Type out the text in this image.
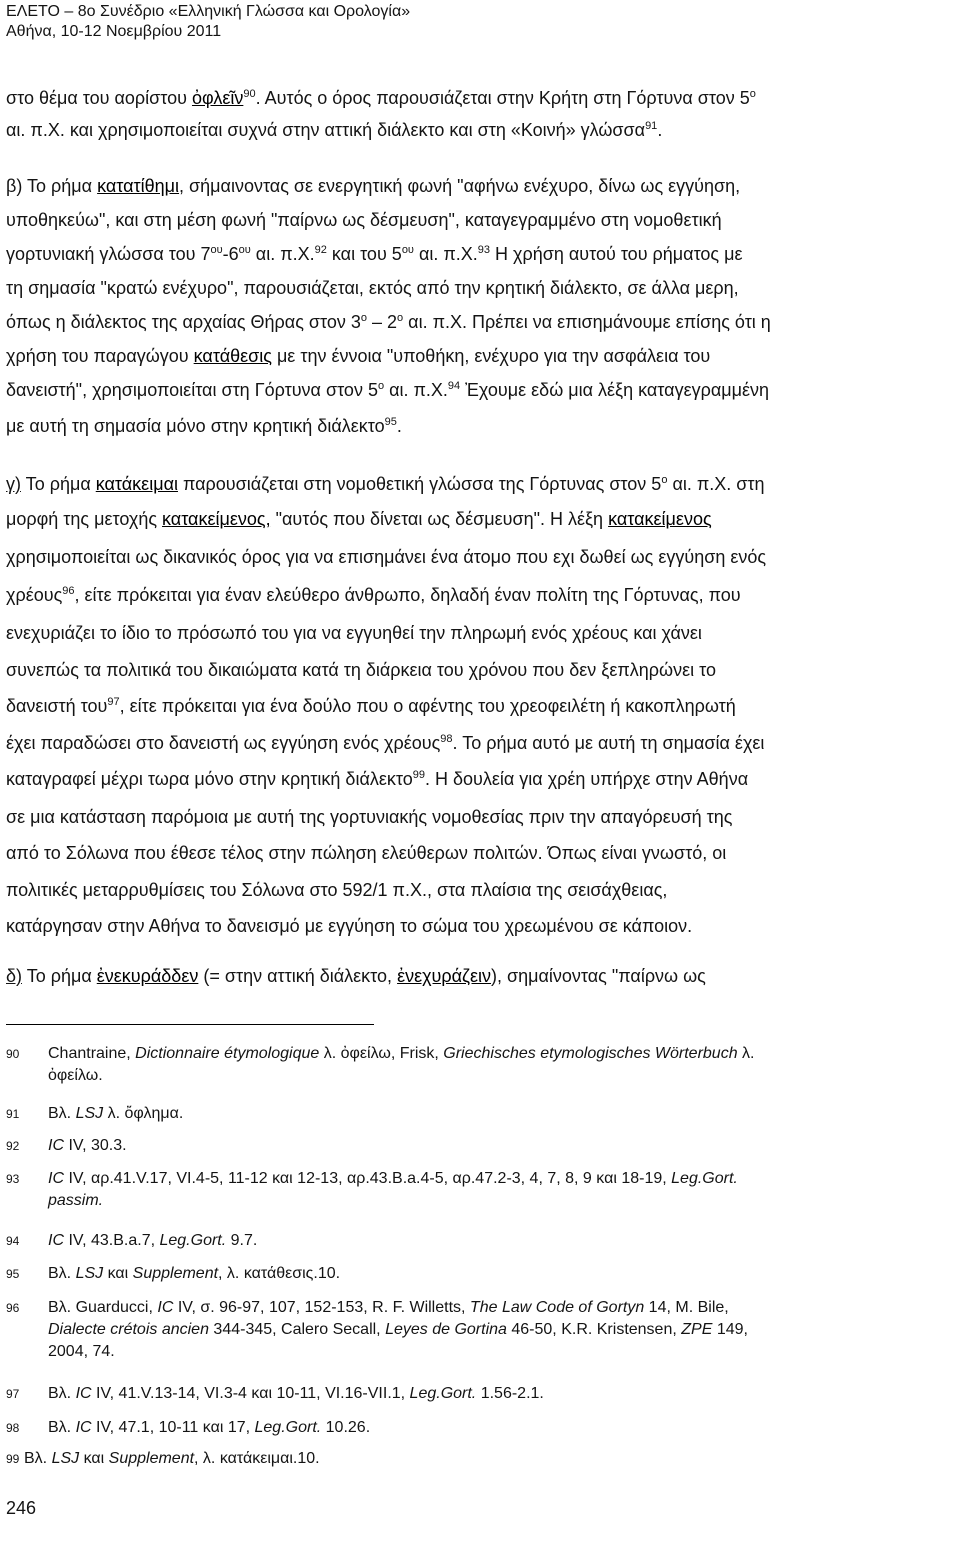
ΕΛΕΤΟ – 8ο Συνέδριο «Ελληνική Γλώσσα και Ορολογία»
Αθήνα, 10-12 Νοεμβρίου 2011
στο θέμα του αορίστου ὀφλεῖν$^{90}$. Αυτός ο όρος παρουσιάζεται στην Κρήτη στη Γόρτυνα στον $5^o$
αι. π.Χ. και χρησιμοποιείται συχνά στην αττική διάλεκτο και στη «Κοινή» γλώσσα$^{91}$.
β) Το ρήμα κατατίθημι, σήμαινοντας σε ενεργητική φωνή "αφήνω ενέχυρο, δίνω ως εγγύηση,
υποθηκεύω", και στη μέση φωνή "παίρνω ως δέσμευση", καταγεγραμμένο στη νομοθετική
γορτυνιακή γλώσσα του $7^{o\upsilon}-6^{o\upsilon}$ αι. π.Χ.$^{92}$ και του $5^{o\upsilon}$ αι. π.Χ.$^{93}$ Η χρήση αυτού του ρήματος με
τη σημασία "κρατώ ενέχυρο", παρουσιάζεται, εκτός από την κρητική διάλεκτο, σε άλλα μερη,
όπως η διάλεκτος της αρχαίας Θήρας στον $3^o - 2^o$ αι. π.Χ. Πρέπει να επισημάνουμε επίσης ότι η
χρήση του παραγώγου κατάθεσις με την έννοια "υποθήκη, ενέχυρο για την ασφάλεια του
δανειστή", χρησιμοποιείται στη Γόρτυνα στον $5^o$ αι. π.Χ.$^{94}$ Ἐχουμε εδώ μια λέξη καταγεγραμμένη
με αυτή τη σημασία μόνο στην κρητική διάλεκτο$^{95}$.
γ) Το ρήμα κατάκειμαι παρουσιάζεται στη νομοθετική γλώσσα της Γόρτυνας στον $5^o$ αι. π.Χ. στη
μορφή της μετοχής κατακείμενος, "αυτός που δίνεται ως δέσμευση". Η λέξη κατακείμενος
χρησιμοποιείται ως δικανικός όρος για να επισημάνει ένα άτομο που εχι δωθεί ως εγγύηση ενός
χρέους$^{96}$, είτε πρόκειται για έναν ελεύθερο άνθρωπο, δηλαδή έναν πολίτη της Γόρτυνας, που
ενεχυριάζει το ίδιο το πρόσωπό του για να εγγυηθεί την πληρωμή ενός χρέους και χάνει
συνεπώς τα πολιτικά του δικαιώματα κατά τη διάρκεια του χρόνου που δεν ξεπληρώνει το
δανειστή του$^{97}$, είτε πρόκειται για ένα δούλο που ο αφέντης του χρεοφειλέτη ή κακοπληρωτή
έχει παραδώσει στο δανειστή ως εγγύηση ενός χρέους$^{98}$. Το ρήμα αυτό με αυτή τη σημασία έχει
καταγραφεί μέχρι τωρα μόνο στην κρητική διάλεκτο$^{99}$. Η δουλεία για χρέη υπήρχε στην Αθήνα
σε μια κατάσταση παρόμοια με αυτή της γορτυνιακής νομοθεσίας πριν την απαγόρευσή της
από το Σόλωνα που έθεσε τέλος στην πώληση ελεύθερων πολιτών. Όπως είναι γνωστό, οι
πολιτικές μεταρρυθμίσεις του Σόλωνα στο 592/1 π.Χ., στα πλαίσια της σεισάχθειας,
κατάργησαν στην Αθήνα το δανεισμό με εγγύηση το σώμα του χρεωμένου σε κάποιον.
δ) Το ρήμα ἐνεκυράδδεν (= στην αττική διάλεκτο, ἐνεχυράζειν), σημαίνοντας "παίρνω ως
90 Chantraine, Dictionnaire étymologique λ. ὀφείλω, Frisk, Griechisches etymologisches Wörterbuch λ.
ὀφείλω.
91 Βλ. LSJ λ. ὄφλημα.
92 IC IV, 30.3.
93 IC IV, αρ.41.V.17, VI.4-5, 11-12 και 12-13, αρ.43.B.a.4-5, αρ.47.2-3, 4, 7, 8, 9 και 18-19, Leg.Gort.
passim.
94 IC IV, 43.B.a.7, Leg.Gort. 9.7.
95 Βλ. LSJ και Supplement, λ. κατάθεσις.10.
96 Βλ. Guarducci, IC IV, σ. 96-97, 107, 152-153, R. F. Willetts, The Law Code of Gortyn 14, M. Bile,
Dialecte crétois ancien 344-345, Calero Secall, Leyes de Gortina 46-50, K.R. Kristensen, ZPE 149,
2004, 74.
97 Βλ. IC IV, 41.V.13-14, VI.3-4 και 10-11, VI.16-VII.1, Leg.Gort. 1.56-2.1.
98 Βλ. IC IV, 47.1, 10-11 και 17, Leg.Gort. 10.26.
99 Βλ. LSJ και Supplement, λ. κατάκειμαι.10.
246
